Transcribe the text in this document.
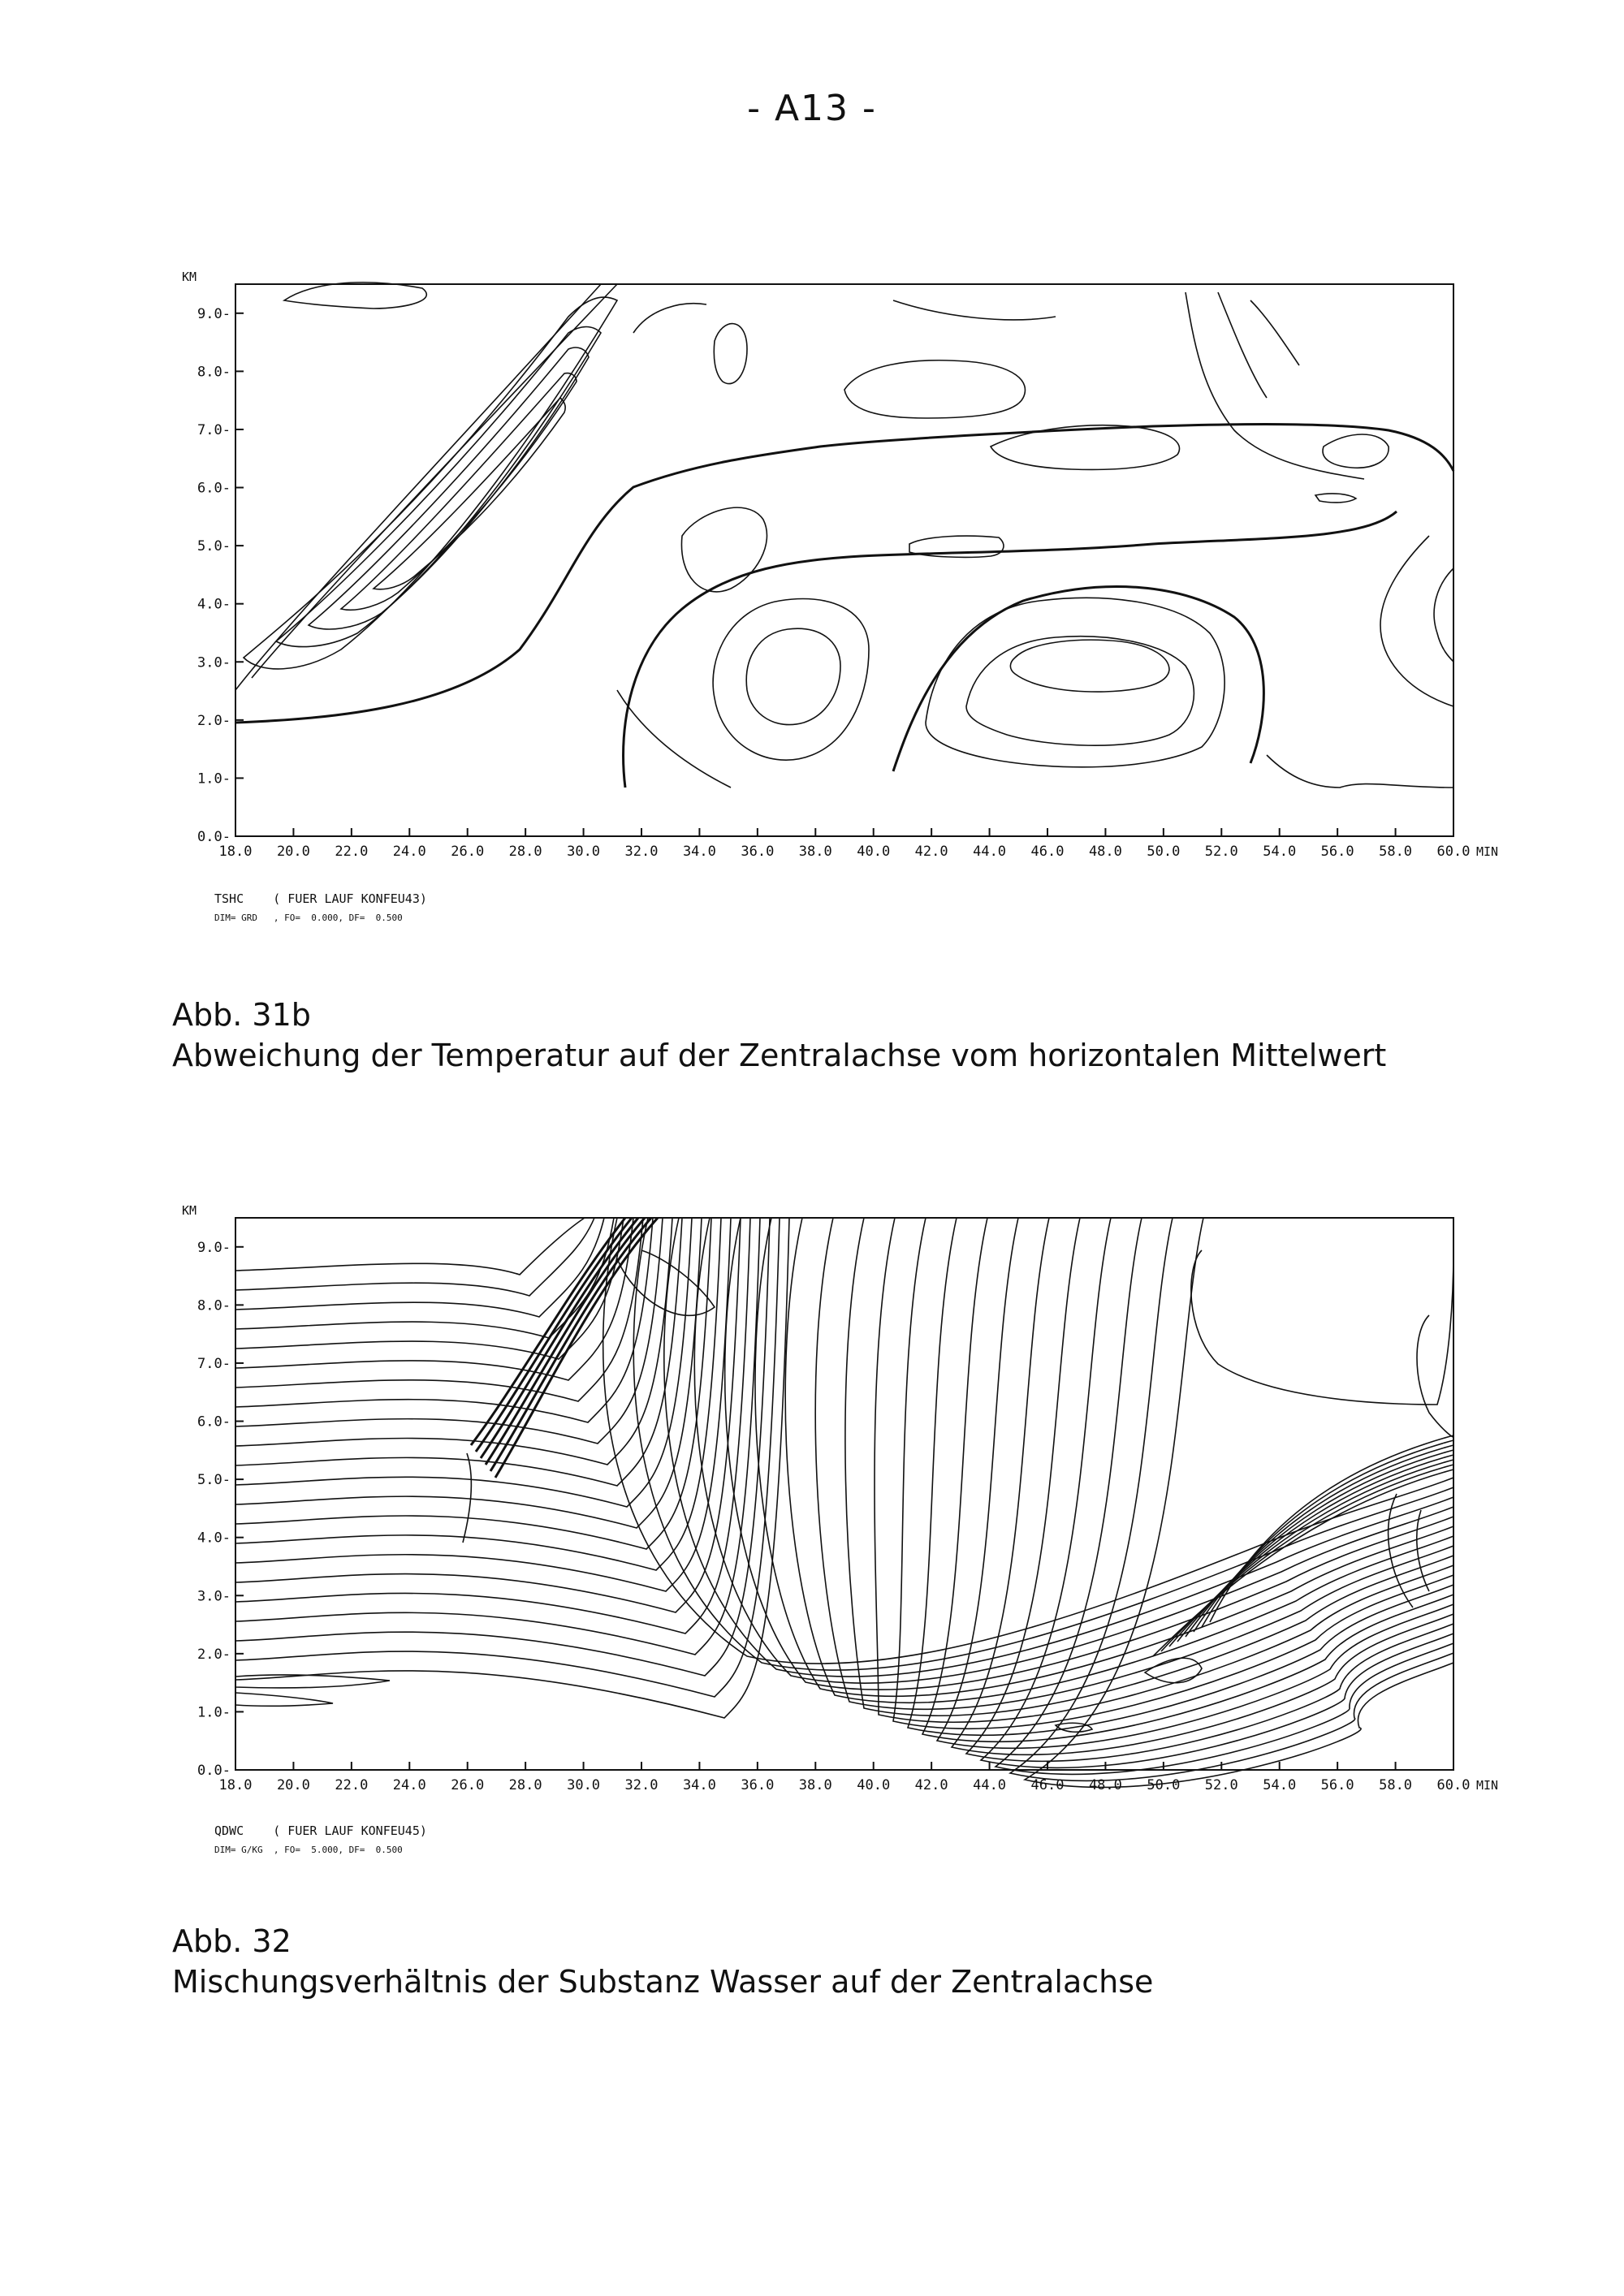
- A13 -
18.0 20.0 22.0 24.0 26.0 28.0 30.0 32.0 34.0 36.0 38.0 40.0 42.0 44.0 46.0 48.0 50.0 52.0 54.0 56.0 58.0 60.0 MIN
0.0-
1.0-
2.0-
3.0-
4.0-
5.0-
6.0-
7.0-
8.0-
9.0-
KM
TSHC    ( FUER LAUF KONFEU43)
DIM= GRD   , FO=  0.000, DF=  0.500
Abb. 31b
Abweichung der Temperatur auf der Zentralachse vom horizontalen Mittelwert
18.0 20.0 22.0 24.0 26.0 28.0 30.0 32.0 34.0 36.0 38.0 40.0 42.0 44.0 46.0 48.0 50.0 52.0 54.0 56.0 58.0 60.0 MIN
0.0-
1.0-
2.0-
3.0-
4.0-
5.0-
6.0-
7.0-
8.0-
9.0-
KM
QDWC    ( FUER LAUF KONFEU45)
DIM= G/KG  , FO=  5.000, DF=  0.500
Abb. 32
Mischungsverhältnis der Substanz Wasser auf der Zentralachse
